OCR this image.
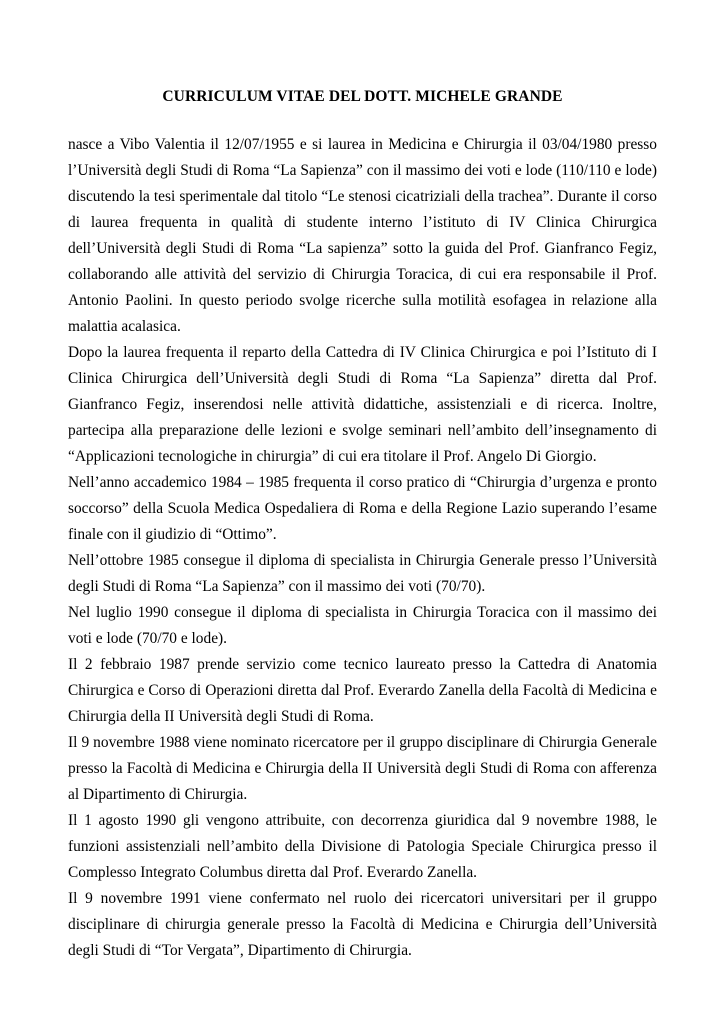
CURRICULUM VITAE DEL DOTT. MICHELE GRANDE

nasce a Vibo Valentia il 12/07/1955 e si laurea in Medicina e Chirurgia il 03/04/1980 presso l’Università degli Studi di Roma “La Sapienza” con il massimo dei voti e lode (110/110 e lode) discutendo la tesi sperimentale dal titolo “Le stenosi cicatriziali della trachea”. Durante il corso di laurea frequenta in qualità di studente interno l’istituto di IV Clinica Chirurgica dell’Università degli Studi di Roma “La sapienza” sotto la guida del Prof. Gianfranco Fegiz, collaborando alle attività del servizio di Chirurgia Toracica, di cui era responsabile il Prof. Antonio Paolini. In questo periodo svolge ricerche sulla motilità esofagea in relazione alla malattia acalasica.

Dopo la laurea frequenta il reparto della Cattedra di IV Clinica Chirurgica e poi l’Istituto di I Clinica Chirurgica dell’Università degli Studi di Roma “La Sapienza” diretta dal Prof. Gianfranco Fegiz, inserendosi nelle attività didattiche, assistenziali e di ricerca. Inoltre, partecipa alla preparazione delle lezioni e svolge seminari nell’ambito dell’insegnamento di “Applicazioni tecnologiche in chirurgia” di cui era titolare il Prof. Angelo Di Giorgio.

Nell’anno accademico 1984 – 1985 frequenta il corso pratico di “Chirurgia d’urgenza e pronto soccorso” della Scuola Medica Ospedaliera di Roma e della Regione Lazio superando l’esame finale con il giudizio di “Ottimo”.

Nell’ottobre 1985 consegue il diploma di specialista in Chirurgia Generale presso l’Università degli Studi di Roma “La Sapienza” con il massimo dei voti (70/70).

Nel luglio 1990 consegue il diploma di specialista in Chirurgia Toracica con il massimo dei voti e lode (70/70 e lode).

Il 2 febbraio 1987 prende servizio come tecnico laureato presso la Cattedra di Anatomia Chirurgica e Corso di Operazioni diretta dal Prof. Everardo Zanella della Facoltà di Medicina e Chirurgia della II Università degli Studi di Roma.

Il 9 novembre 1988 viene nominato ricercatore per il gruppo disciplinare di Chirurgia Generale presso la Facoltà di Medicina e Chirurgia della II Università degli Studi di Roma con afferenza al Dipartimento di Chirurgia.

Il 1 agosto 1990 gli vengono attribuite, con decorrenza giuridica dal 9 novembre 1988, le funzioni assistenziali nell’ambito della Divisione di Patologia Speciale Chirurgica presso il Complesso Integrato Columbus diretta dal Prof. Everardo Zanella.

Il 9 novembre 1991 viene confermato nel ruolo dei ricercatori universitari per il gruppo disciplinare di chirurgia generale presso la Facoltà di Medicina e Chirurgia dell’Università degli Studi di “Tor Vergata”, Dipartimento di Chirurgia.
